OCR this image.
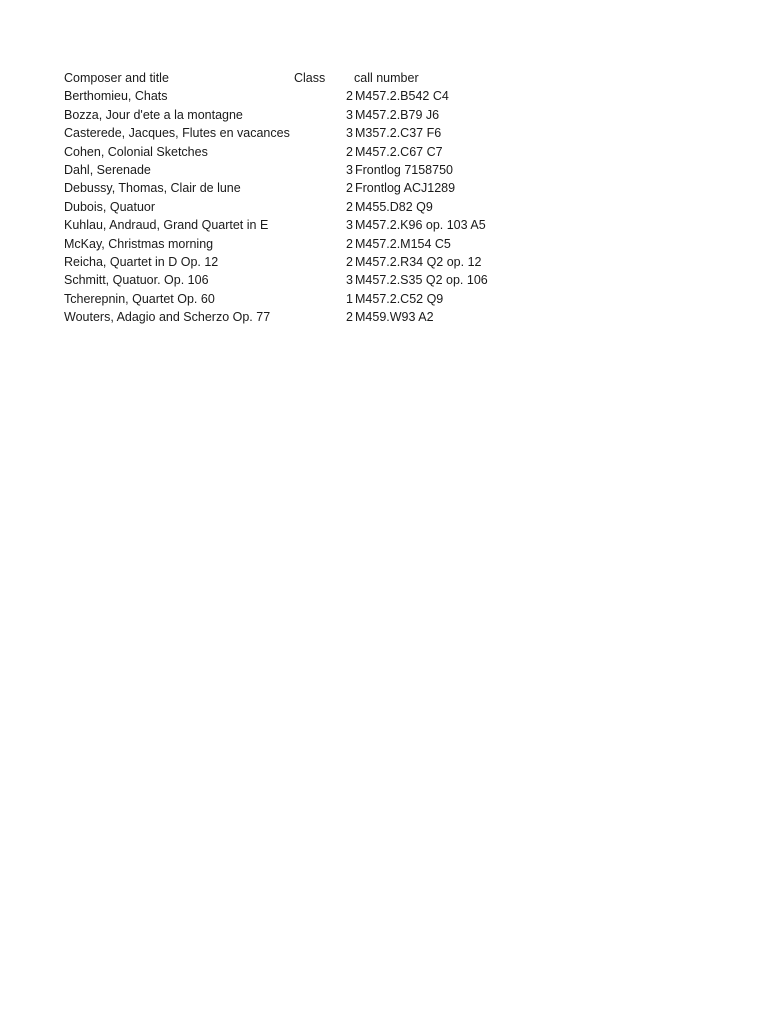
Composer and title	Class call number
Berthomieu, Chats	2 M457.2.B542 C4
Bozza, Jour d'ete a la montagne	3 M457.2.B79 J6
Casterede, Jacques, Flutes en vacances	3 M357.2.C37 F6
Cohen, Colonial Sketches	2 M457.2.C67 C7
Dahl, Serenade	3 Frontlog 7158750
Debussy, Thomas, Clair de lune	2 Frontlog ACJ1289
Dubois, Quatuor	2 M455.D82 Q9
Kuhlau, Andraud, Grand Quartet in E	3 M457.2.K96 op. 103 A5
McKay, Christmas morning	2 M457.2.M154 C5
Reicha, Quartet in D Op. 12	2 M457.2.R34 Q2 op. 12
Schmitt, Quatuor. Op. 106	3 M457.2.S35 Q2 op. 106
Tcherepnin, Quartet Op. 60	1 M457.2.C52 Q9
Wouters, Adagio and Scherzo Op. 77	2 M459.W93 A2
